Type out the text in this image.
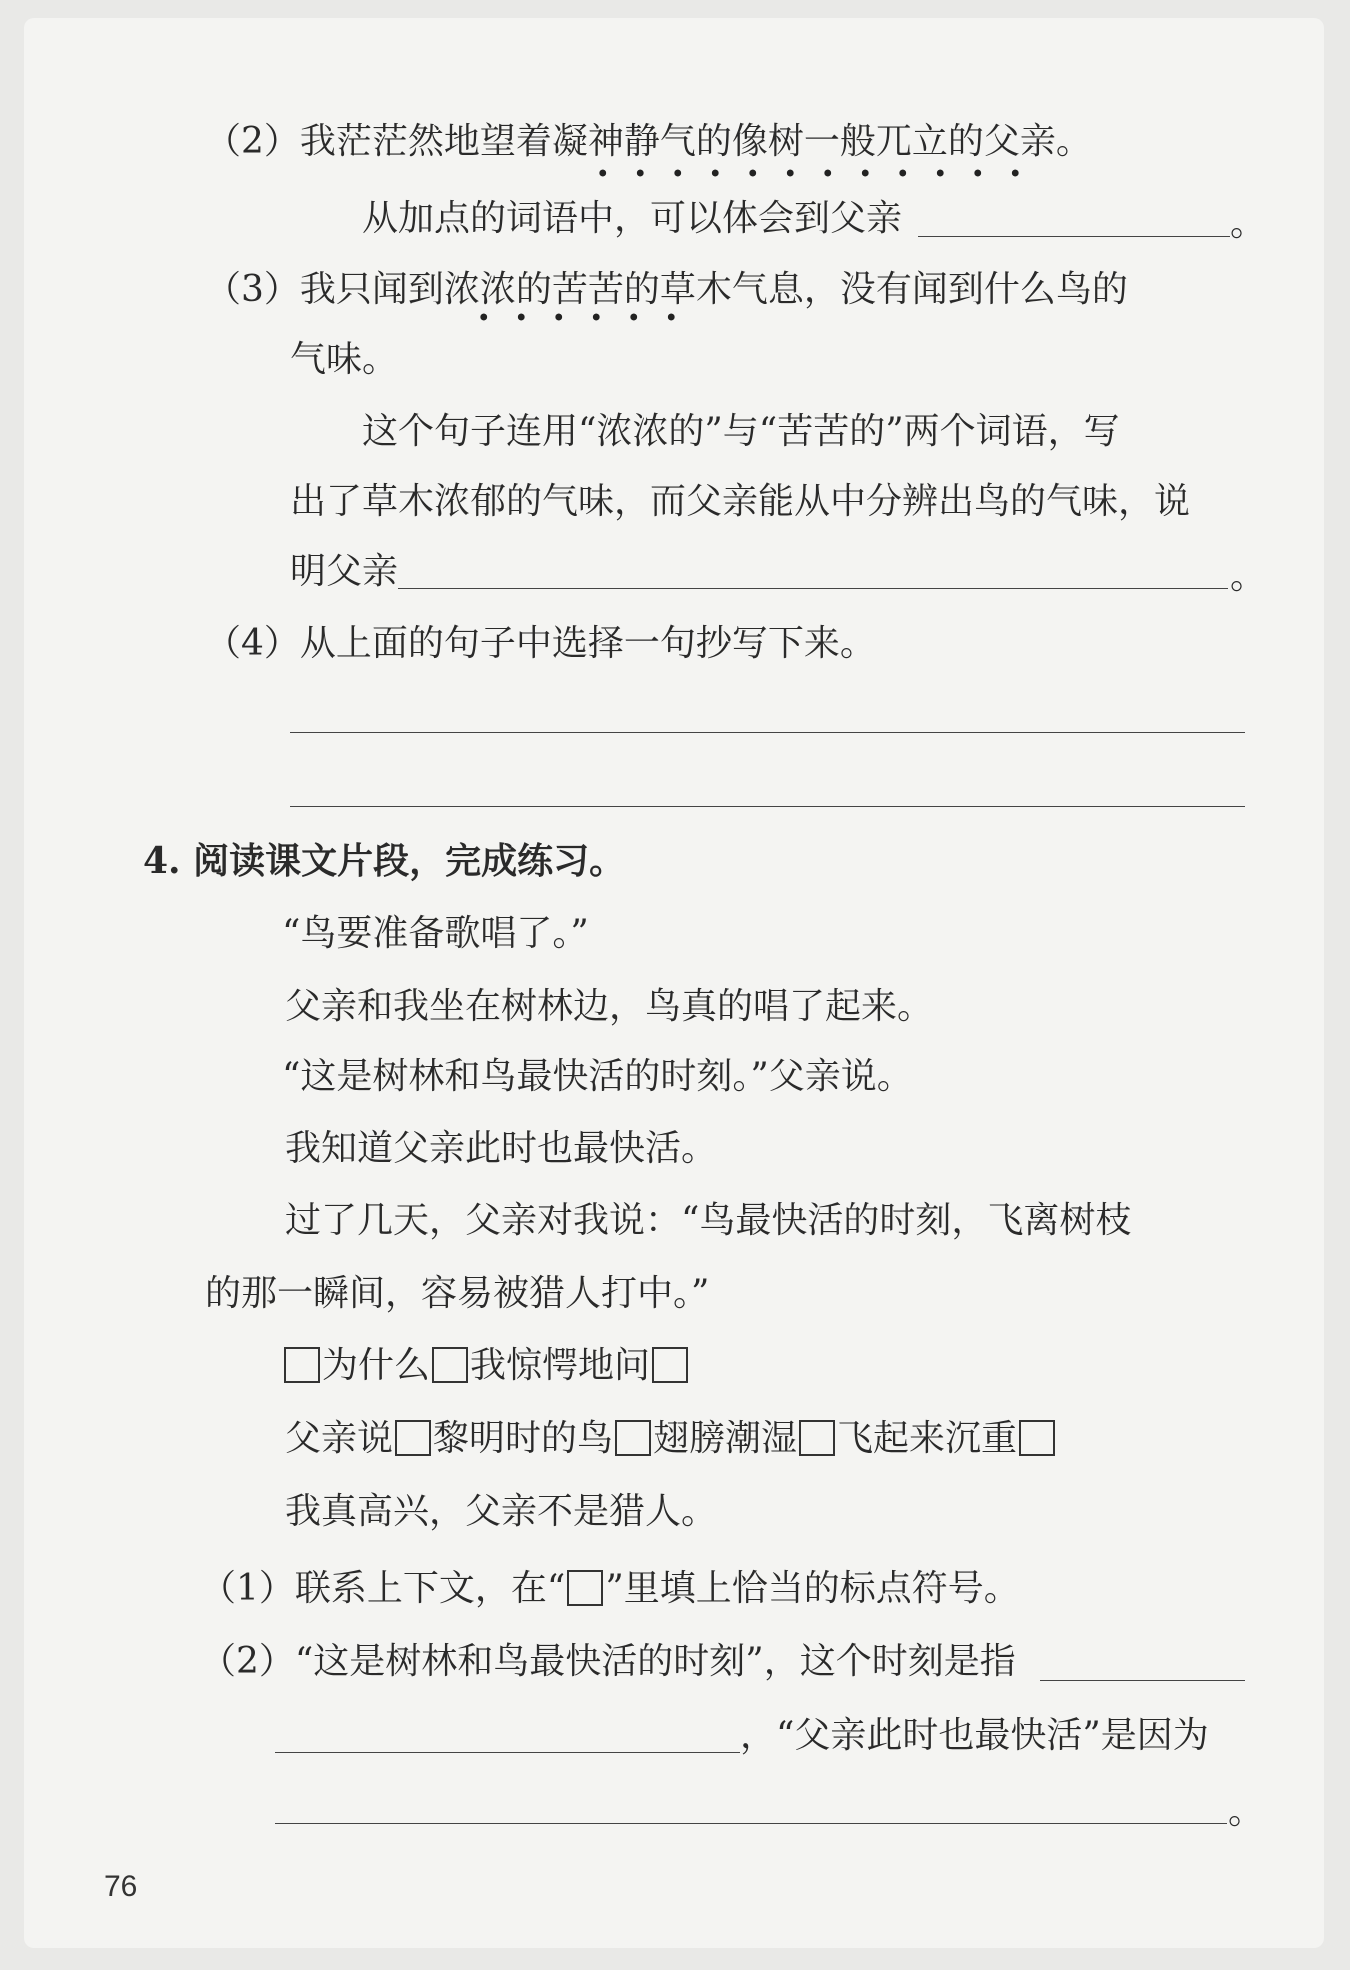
（2）我茫茫然地望着凝神静气的像树一般兀立的父亲。
从加点的词语中，可以体会到父亲	。
（3）我只闻到浓浓的苦苦的草木气息，没有闻到什么鸟的
气味。
这个句子连用“浓浓的”与“苦苦的”两个词语，写
出了草木浓郁的气味，而父亲能从中分辨出鸟的气味，说
明父亲	。
（4）从上面的句子中选择一句抄写下来。
4. 阅读课文片段，完成练习。
“鸟要准备歌唱了。”
父亲和我坐在树林边，鸟真的唱了起来。
“这是树林和鸟最快活的时刻。”父亲说。
我知道父亲此时也最快活。
过了几天，父亲对我说：“鸟最快活的时刻，飞离树枝
的那一瞬间，容易被猎人打中。”
为什么 我惊愕地问
父亲说 黎明时的鸟 翅膀潮湿 飞起来沉重
我真高兴，父亲不是猎人。
（1）联系上下文，在“ ”里填上恰当的标点符号。
（2）“这是树林和鸟最快活的时刻”，这个时刻是指
，“父亲此时也最快活”是因为
。
76
